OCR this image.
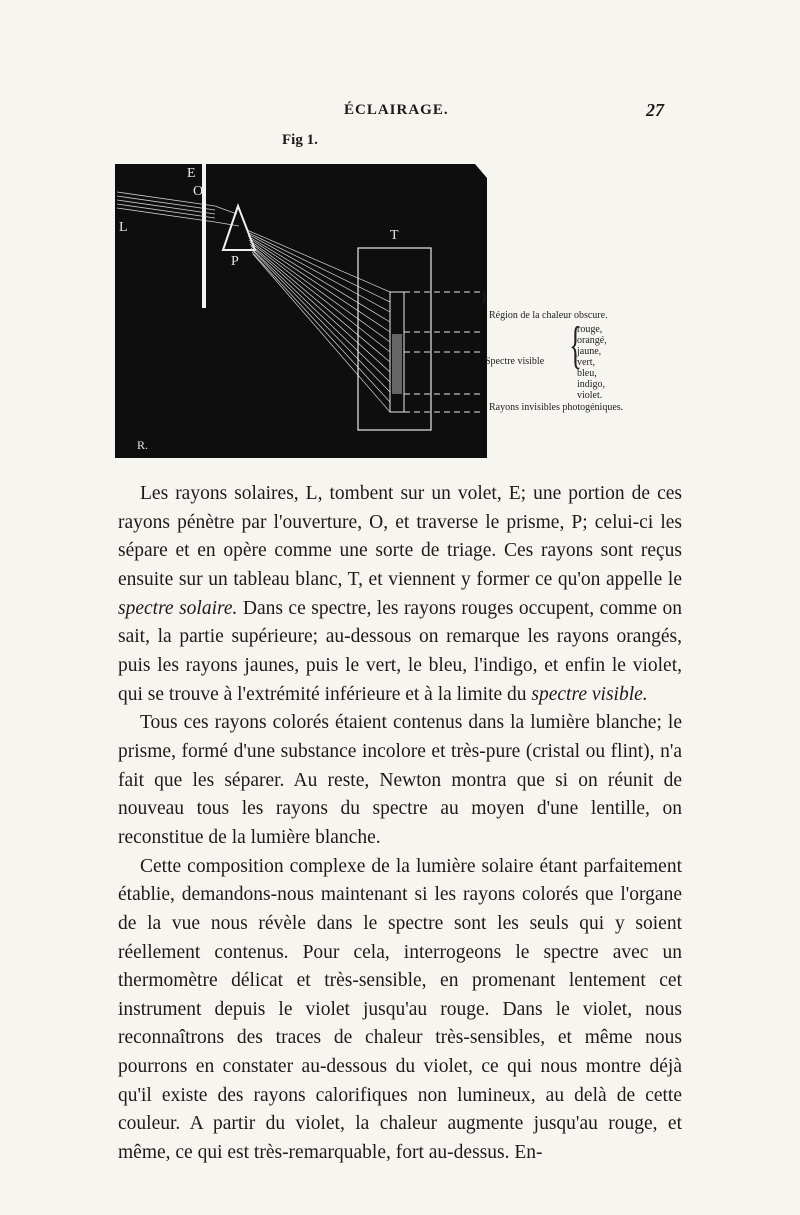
ÉCLAIRAGE.	27
Fig 1.
E
O
L
P
T
R.
}
Région de la chaleur obscure.
{
Spectre visible
rouge,
orangé,
jaune,
vert,
bleu,
indigo,
violet.
Rayons invisibles photogéniques.

Les rayons solaires, L, tombent sur un volet, E; une portion de ces rayons pénètre par l'ouverture, O, et traverse le prisme, P; celui-ci les sépare et en opère comme une sorte de triage. Ces rayons sont reçus ensuite sur un tableau blanc, T, et viennent y former ce qu'on appelle le spectre solaire. Dans ce spectre, les rayons rouges occupent, comme on sait, la partie supérieure; au-dessous on remarque les rayons orangés, puis les rayons jaunes, puis le vert, le bleu, l'indigo, et enfin le violet, qui se trouve à l'extrémité inférieure et à la limite du spectre visible.

Tous ces rayons colorés étaient contenus dans la lumière blanche; le prisme, formé d'une substance incolore et très-pure (cristal ou flint), n'a fait que les séparer. Au reste, Newton montra que si on réunit de nouveau tous les rayons du spectre au moyen d'une lentille, on reconstitue de la lumière blanche.

Cette composition complexe de la lumière solaire étant parfaitement établie, demandons-nous maintenant si les rayons colorés que l'organe de la vue nous révèle dans le spectre sont les seuls qui y soient réellement contenus. Pour cela, interrogeons le spectre avec un thermomètre délicat et très-sensible, en promenant lentement cet instrument depuis le violet jusqu'au rouge. Dans le violet, nous reconnaîtrons des traces de chaleur très-sensibles, et même nous pourrons en constater au-dessous du violet, ce qui nous montre déjà qu'il existe des rayons calorifiques non lumineux, au delà de cette couleur. A partir du violet, la chaleur augmente jusqu'au rouge, et même, ce qui est très-remarquable, fort au-dessus. En-
